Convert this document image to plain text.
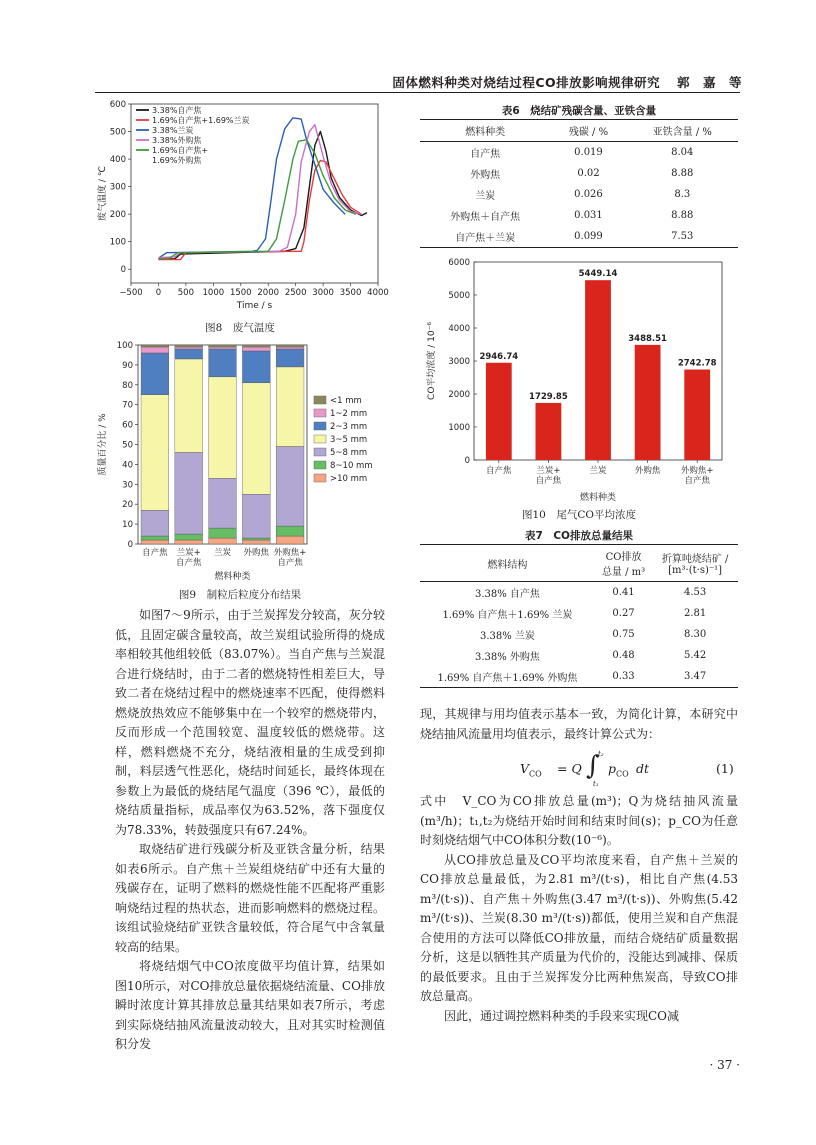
固体燃料种类对烧结过程CO排放影响规律研究 郭　嘉　等
−500 0 500 1000 1500 2000 2500 3000 3500 4000
0
100
200
300
400
500
600
Time / s
废气温度 / ℃
3.38%自产焦
1.69%自产焦+1.69%兰炭
3.38%兰炭
3.38%外购焦
1.69%自产焦+
1.69%外购焦
图8　废气温度
0
10
20
30
40
50
60
70
80
90
100
自产焦 兰炭+
自产焦
兰炭 外购焦 外购焦+
自产焦
燃料种类
质量百分比 / %
<1 mm
1~2 mm
2~3 mm
3~5 mm
5~8 mm
8~10 mm
>10 mm
图9　制粒后粒度分布结果
表6　烧结矿残碳含量、亚铁含量
燃料种类	残碳 / %	亚铁含量 / %
自产焦	0.019	8.04
外购焦	0.02	8.88
兰炭	0.026	8.3
外购焦＋自产焦	0.031	8.88
自产焦＋兰炭	0.099	7.53
0
1000
2000
3000
4000
5000
6000
2946.74
自产焦
1729.85
兰炭+
自产焦
5449.14
兰炭
3488.51
外购焦
2742.78
外购焦+
自产焦
燃料种类
CO平均浓度 / 10⁻⁶
图10　尾气CO平均浓度
表7　CO排放总量结果
燃料结构	CO排放
总量 / m³	折算吨烧结矿 /
[m³·(t·s)⁻¹]
3.38% 自产焦	0.41	4.53
1.69% 自产焦＋1.69% 兰炭	0.27	2.81
3.38% 兰炭	0.75	8.30
3.38% 外购焦	0.48	5.42
1.69% 自产焦＋1.69% 外购焦	0.33	3.47

如图7～9所示，由于兰炭挥发分较高，灰分较低，且固定碳含量较高，故兰炭组试验所得的烧成率相较其他组较低（83.07%）。当自产焦与兰炭混合进行烧结时，由于二者的燃烧特性相差巨大，导致二者在烧结过程中的燃烧速率不匹配，使得燃料燃烧放热效应不能够集中在一个较窄的燃烧带内，反而形成一个范围较宽、温度较低的燃烧带。这样，燃料燃烧不充分，烧结液相量的生成受到抑制，料层透气性恶化，烧结时间延长，最终体现在参数上为最低的烧结尾气温度（396 ℃），最低的烧结质量指标，成品率仅为63.52%，落下强度仅为78.33%，转鼓强度只有67.24%。

取烧结矿进行残碳分析及亚铁含量分析，结果如表6所示。自产焦＋兰炭组烧结矿中还有大量的残碳存在，证明了燃料的燃烧性能不匹配将严重影响烧结过程的热状态，进而影响燃料的燃烧过程。该组试验烧结矿亚铁含量较低，符合尾气中含氧量较高的结果。

将烧结烟气中CO浓度做平均值计算，结果如图10所示，对CO排放总量依据烧结流量、CO排放瞬时浓度计算其排放总量其结果如表7所示，考虑到实际烧结抽风流量波动较大，且对其实时检测值积分发

现，其规律与用均值表示基本一致，为简化计算，本研究中烧结抽风流量用均值表示，最终计算公式为：

$V_{CO} = Q$ ∫
t₂
t₁
$p_{CO}$ dt	(1)

式中　V_CO为CO排放总量(m³)；Q为烧结抽风流量(m³/h)；t₁,t₂为烧结开始时间和结束时间(s)；p_CO为任意时刻烧结烟气中CO体积分数(10⁻⁶)。

从CO排放总量及CO平均浓度来看，自产焦＋兰炭的CO排放总量最低，为2.81 m³/(t·s)，相比自产焦(4.53 m³/(t·s))、自产焦＋外购焦(3.47 m³/(t·s))、外购焦(5.42 m³/(t·s))、兰炭(8.30 m³/(t·s))都低，使用兰炭和自产焦混合使用的方法可以降低CO排放量，而结合烧结矿质量数据分析，这是以牺牲其产质量为代价的，没能达到减排、保质的最低要求。且由于兰炭挥发分比两种焦炭高，导致CO排放总量高。

因此，通过调控燃料种类的手段来实现CO减

· 37 ·
